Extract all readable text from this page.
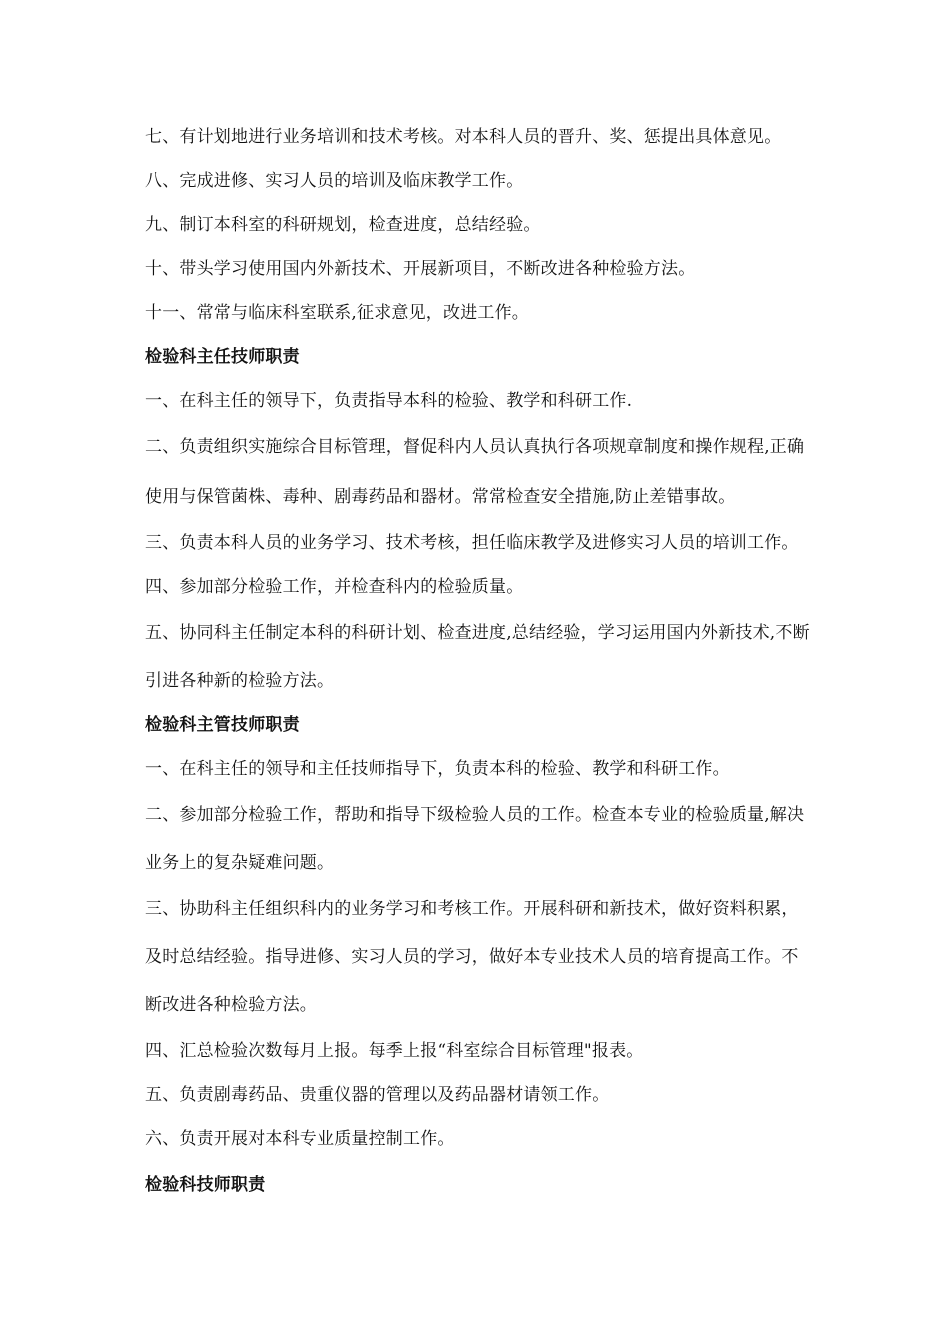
七、有计划地进行业务培训和技术考核。对本科人员的晋升、奖、惩提出具体意见。
八、完成进修、实习人员的培训及临床教学工作。
九、制订本科室的科研规划，检查进度，总结经验。
十、带头学习使用国内外新技术、开展新项目，不断改进各种检验方法。
十一、常常与临床科室联系,征求意见，改进工作。
检验科主任技师职责
一、在科主任的领导下，负责指导本科的检验、教学和科研工作.
二、负责组织实施综合目标管理，督促科内人员认真执行各项规章制度和操作规程,正确
使用与保管菌株、毒种、剧毒药品和器材。常常检查安全措施,防止差错事故。
三、负责本科人员的业务学习、技术考核，担任临床教学及进修实习人员的培训工作。
四、参加部分检验工作，并检查科内的检验质量。
五、协同科主任制定本科的科研计划、检查进度,总结经验，学习运用国内外新技术,不断
引进各种新的检验方法。
检验科主管技师职责
一、在科主任的领导和主任技师指导下，负责本科的检验、教学和科研工作。
二、参加部分检验工作，帮助和指导下级检验人员的工作。检查本专业的检验质量,解决
业务上的复杂疑难问题。
三、协助科主任组织科内的业务学习和考核工作。开展科研和新技术，做好资料积累，
及时总结经验。指导进修、实习人员的学习，做好本专业技术人员的培育提高工作。不
断改进各种检验方法。
四、汇总检验次数每月上报。每季上报“科室综合目标管理"报表。
五、负责剧毒药品、贵重仪器的管理以及药品器材请领工作。
六、负责开展对本科专业质量控制工作。
检验科技师职责
